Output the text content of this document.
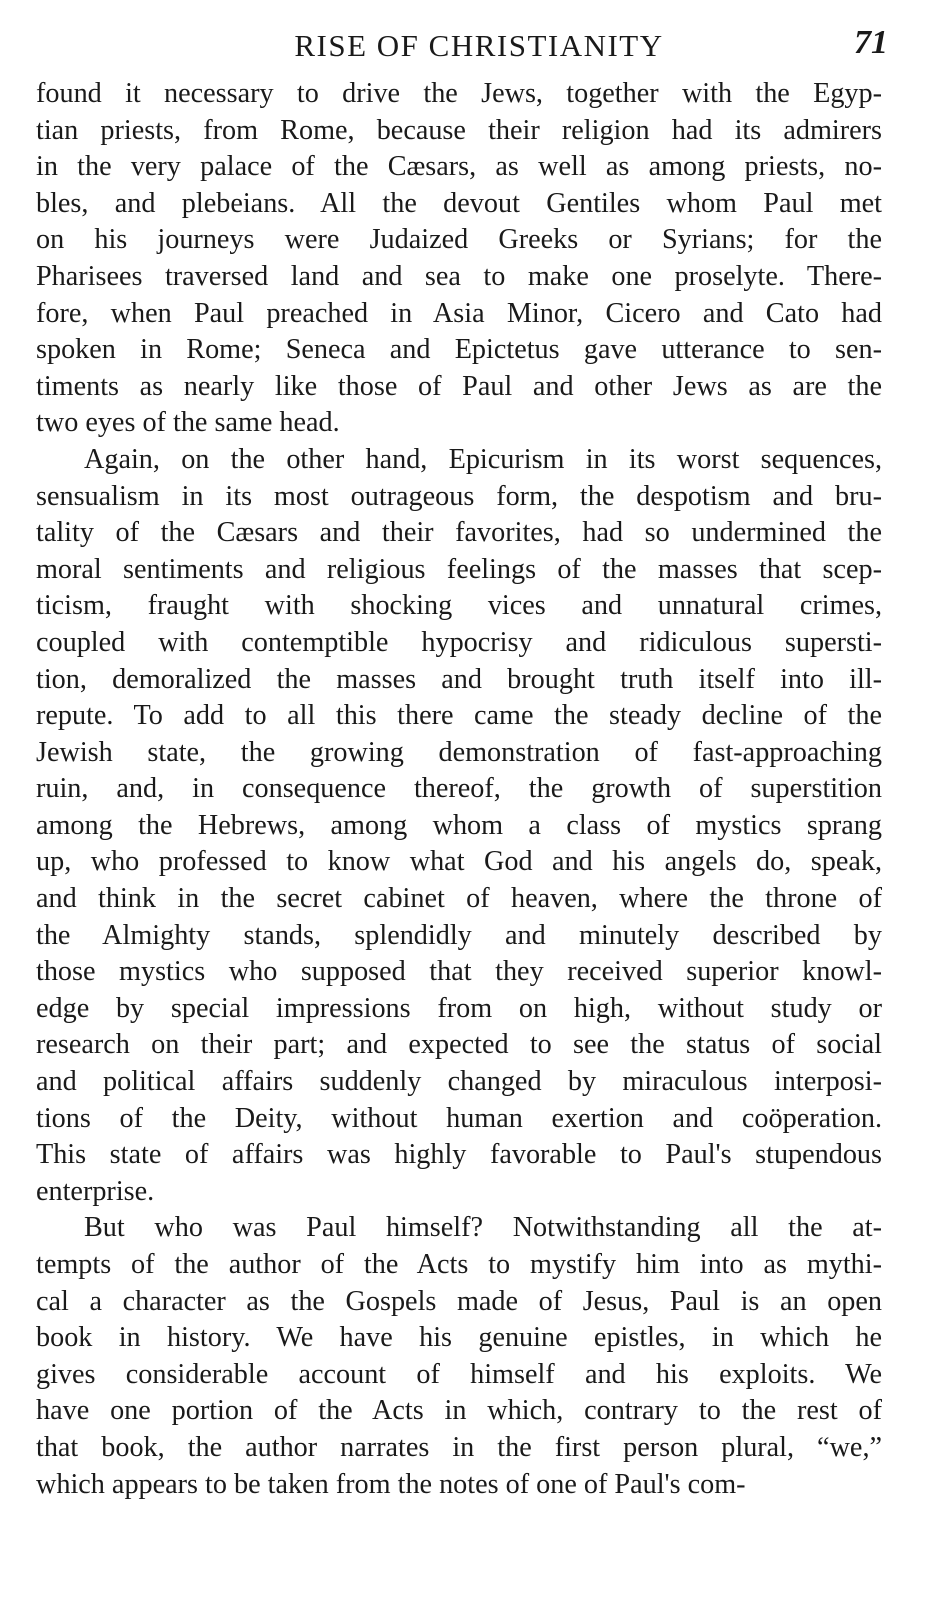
RISE OF CHRISTIANITY	71
found it necessary to drive the Jews, together with the Egyp-
tian priests, from Rome, because their religion had its admirers
in the very palace of the Cæsars, as well as among priests, no-
bles, and plebeians. All the devout Gentiles whom Paul met
on his journeys were Judaized Greeks or Syrians; for the
Pharisees traversed land and sea to make one proselyte. There-
fore, when Paul preached in Asia Minor, Cicero and Cato had
spoken in Rome; Seneca and Epictetus gave utterance to sen-
timents as nearly like those of Paul and other Jews as are the
two eyes of the same head.
Again, on the other hand, Epicurism in its worst sequences,
sensualism in its most outrageous form, the despotism and bru-
tality of the Cæsars and their favorites, had so undermined the
moral sentiments and religious feelings of the masses that scep-
ticism, fraught with shocking vices and unnatural crimes,
coupled with contemptible hypocrisy and ridiculous supersti-
tion, demoralized the masses and brought truth itself into ill-
repute. To add to all this there came the steady decline of the
Jewish state, the growing demonstration of fast-approaching
ruin, and, in consequence thereof, the growth of superstition
among the Hebrews, among whom a class of mystics sprang
up, who professed to know what God and his angels do, speak,
and think in the secret cabinet of heaven, where the throne of
the Almighty stands, splendidly and minutely described by
those mystics who supposed that they received superior knowl-
edge by special impressions from on high, without study or
research on their part; and expected to see the status of social
and political affairs suddenly changed by miraculous interposi-
tions of the Deity, without human exertion and coöperation.
This state of affairs was highly favorable to Paul's stupendous
enterprise.
But who was Paul himself? Notwithstanding all the at-
tempts of the author of the Acts to mystify him into as mythi-
cal a character as the Gospels made of Jesus, Paul is an open
book in history. We have his genuine epistles, in which he
gives considerable account of himself and his exploits. We
have one portion of the Acts in which, contrary to the rest of
that book, the author narrates in the first person plural, “we,”
which appears to be taken from the notes of one of Paul's com-
